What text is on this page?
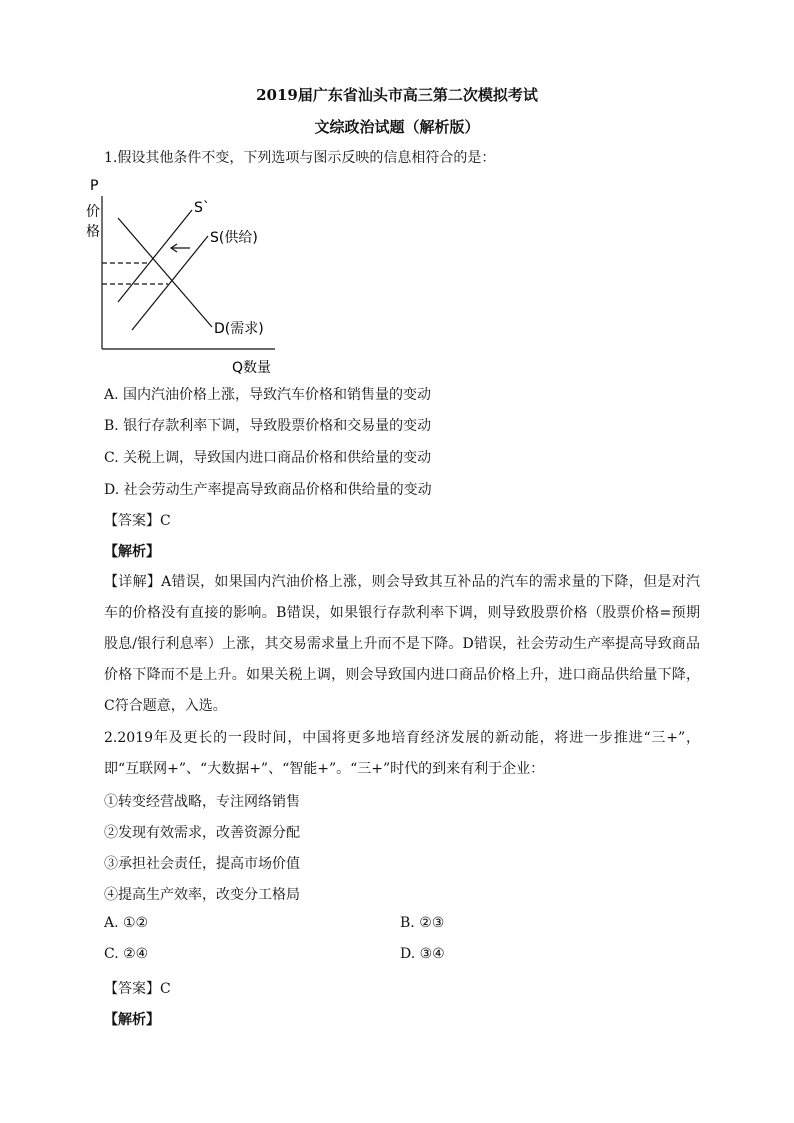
2019届广东省汕头市高三第二次模拟考试
文综政治试题（解析版）
1.假设其他条件不变，下列选项与图示反映的信息相符合的是：
P
价
格
S`
S(供给)
D(需求)
Q数量
A. 国内汽油价格上涨，导致汽车价格和销售量的变动
B. 银行存款利率下调，导致股票价格和交易量的变动
C. 关税上调，导致国内进口商品价格和供给量的变动
D. 社会劳动生产率提高导致商品价格和供给量的变动
【答案】C
【解析】
【详解】A错误，如果国内汽油价格上涨，则会导致其互补品的汽车的需求量的下降，但是对汽车的价格没有直接的影响。B错误，如果银行存款利率下调，则导致股票价格（股票价格=预期股息/银行利息率）上涨，其交易需求量上升而不是下降。D错误，社会劳动生产率提高导致商品价格下降而不是上升。如果关税上调，则会导致国内进口商品价格上升，进口商品供给量下降，C符合题意，入选。
2.2019年及更长的一段时间，中国将更多地培育经济发展的新动能，将进一步推进“三+”，即“互联网+”、“大数据+”、“智能+”。“三+”时代的到来有利于企业：
①转变经营战略，专注网络销售
②发现有效需求，改善资源分配
③承担社会责任，提高市场价值
④提高生产效率，改变分工格局
A. ①②	B. ②③
C. ②④	D. ③④
【答案】C
【解析】
